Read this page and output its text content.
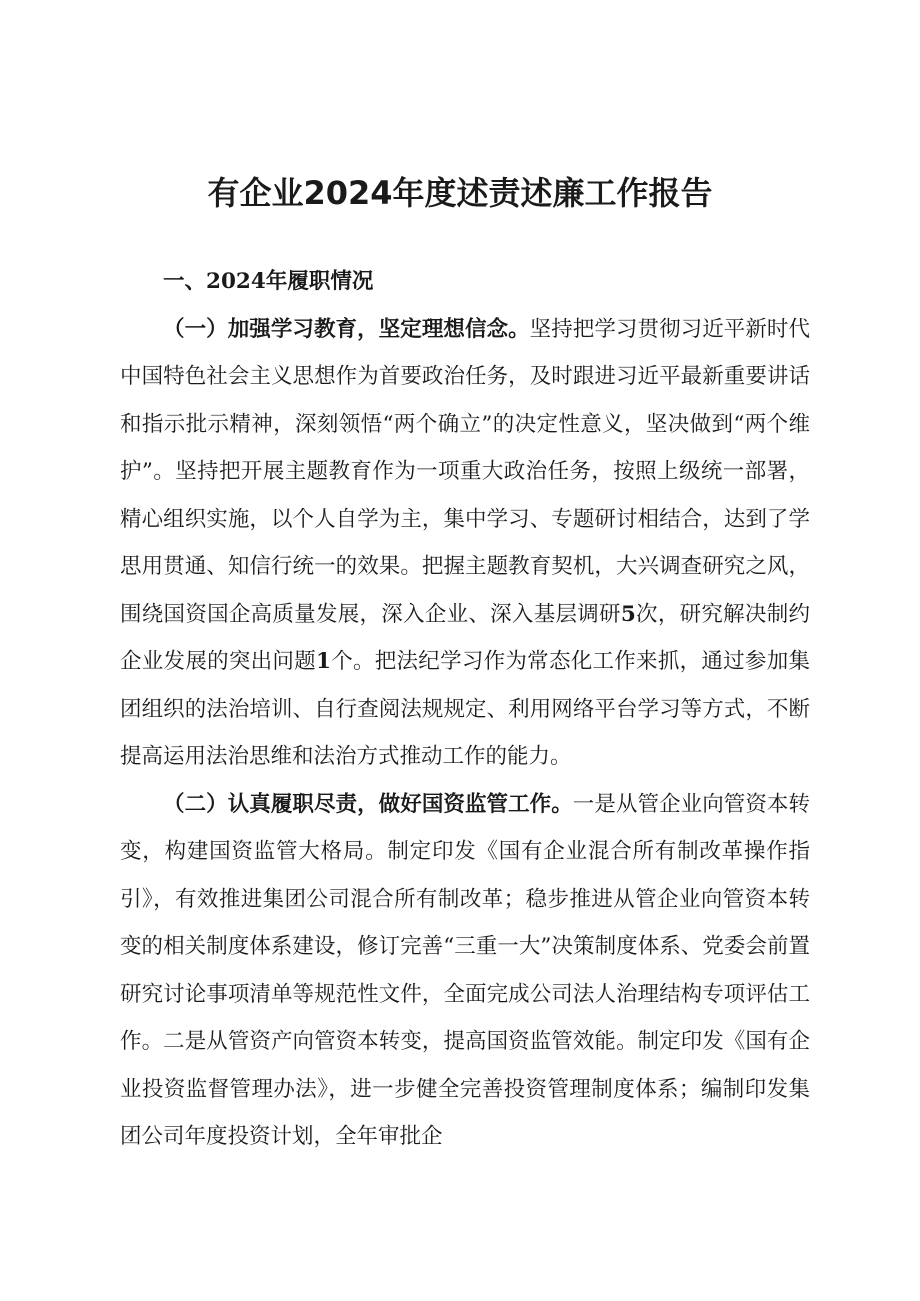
有企业2024年度述责述廉工作报告

一、2024年履职情况

（一）加强学习教育，坚定理想信念。坚持把学习贯彻习近平新时代中国特色社会主义思想作为首要政治任务，及时跟进习近平最新重要讲话和指示批示精神，深刻领悟“两个确立”的决定性意义，坚决做到“两个维护”。坚持把开展主题教育作为一项重大政治任务，按照上级统一部署，精心组织实施，以个人自学为主，集中学习、专题研讨相结合，达到了学思用贯通、知信行统一的效果。把握主题教育契机，大兴调查研究之风，围绕国资国企高质量发展，深入企业、深入基层调研5次，研究解决制约企业发展的突出问题1个。把法纪学习作为常态化工作来抓，通过参加集团组织的法治培训、自行查阅法规规定、利用网络平台学习等方式，不断提高运用法治思维和法治方式推动工作的能力。

（二）认真履职尽责，做好国资监管工作。一是从管企业向管资本转变，构建国资监管大格局。制定印发《国有企业混合所有制改革操作指引》，有效推进集团公司混合所有制改革；稳步推进从管企业向管资本转变的相关制度体系建设，修订完善“三重一大”决策制度体系、党委会前置研究讨论事项清单等规范性文件，全面完成公司法人治理结构专项评估工作。二是从管资产向管资本转变，提高国资监管效能。制定印发《国有企业投资监督管理办法》，进一步健全完善投资管理制度体系；编制印发集团公司年度投资计划，全年审批企
